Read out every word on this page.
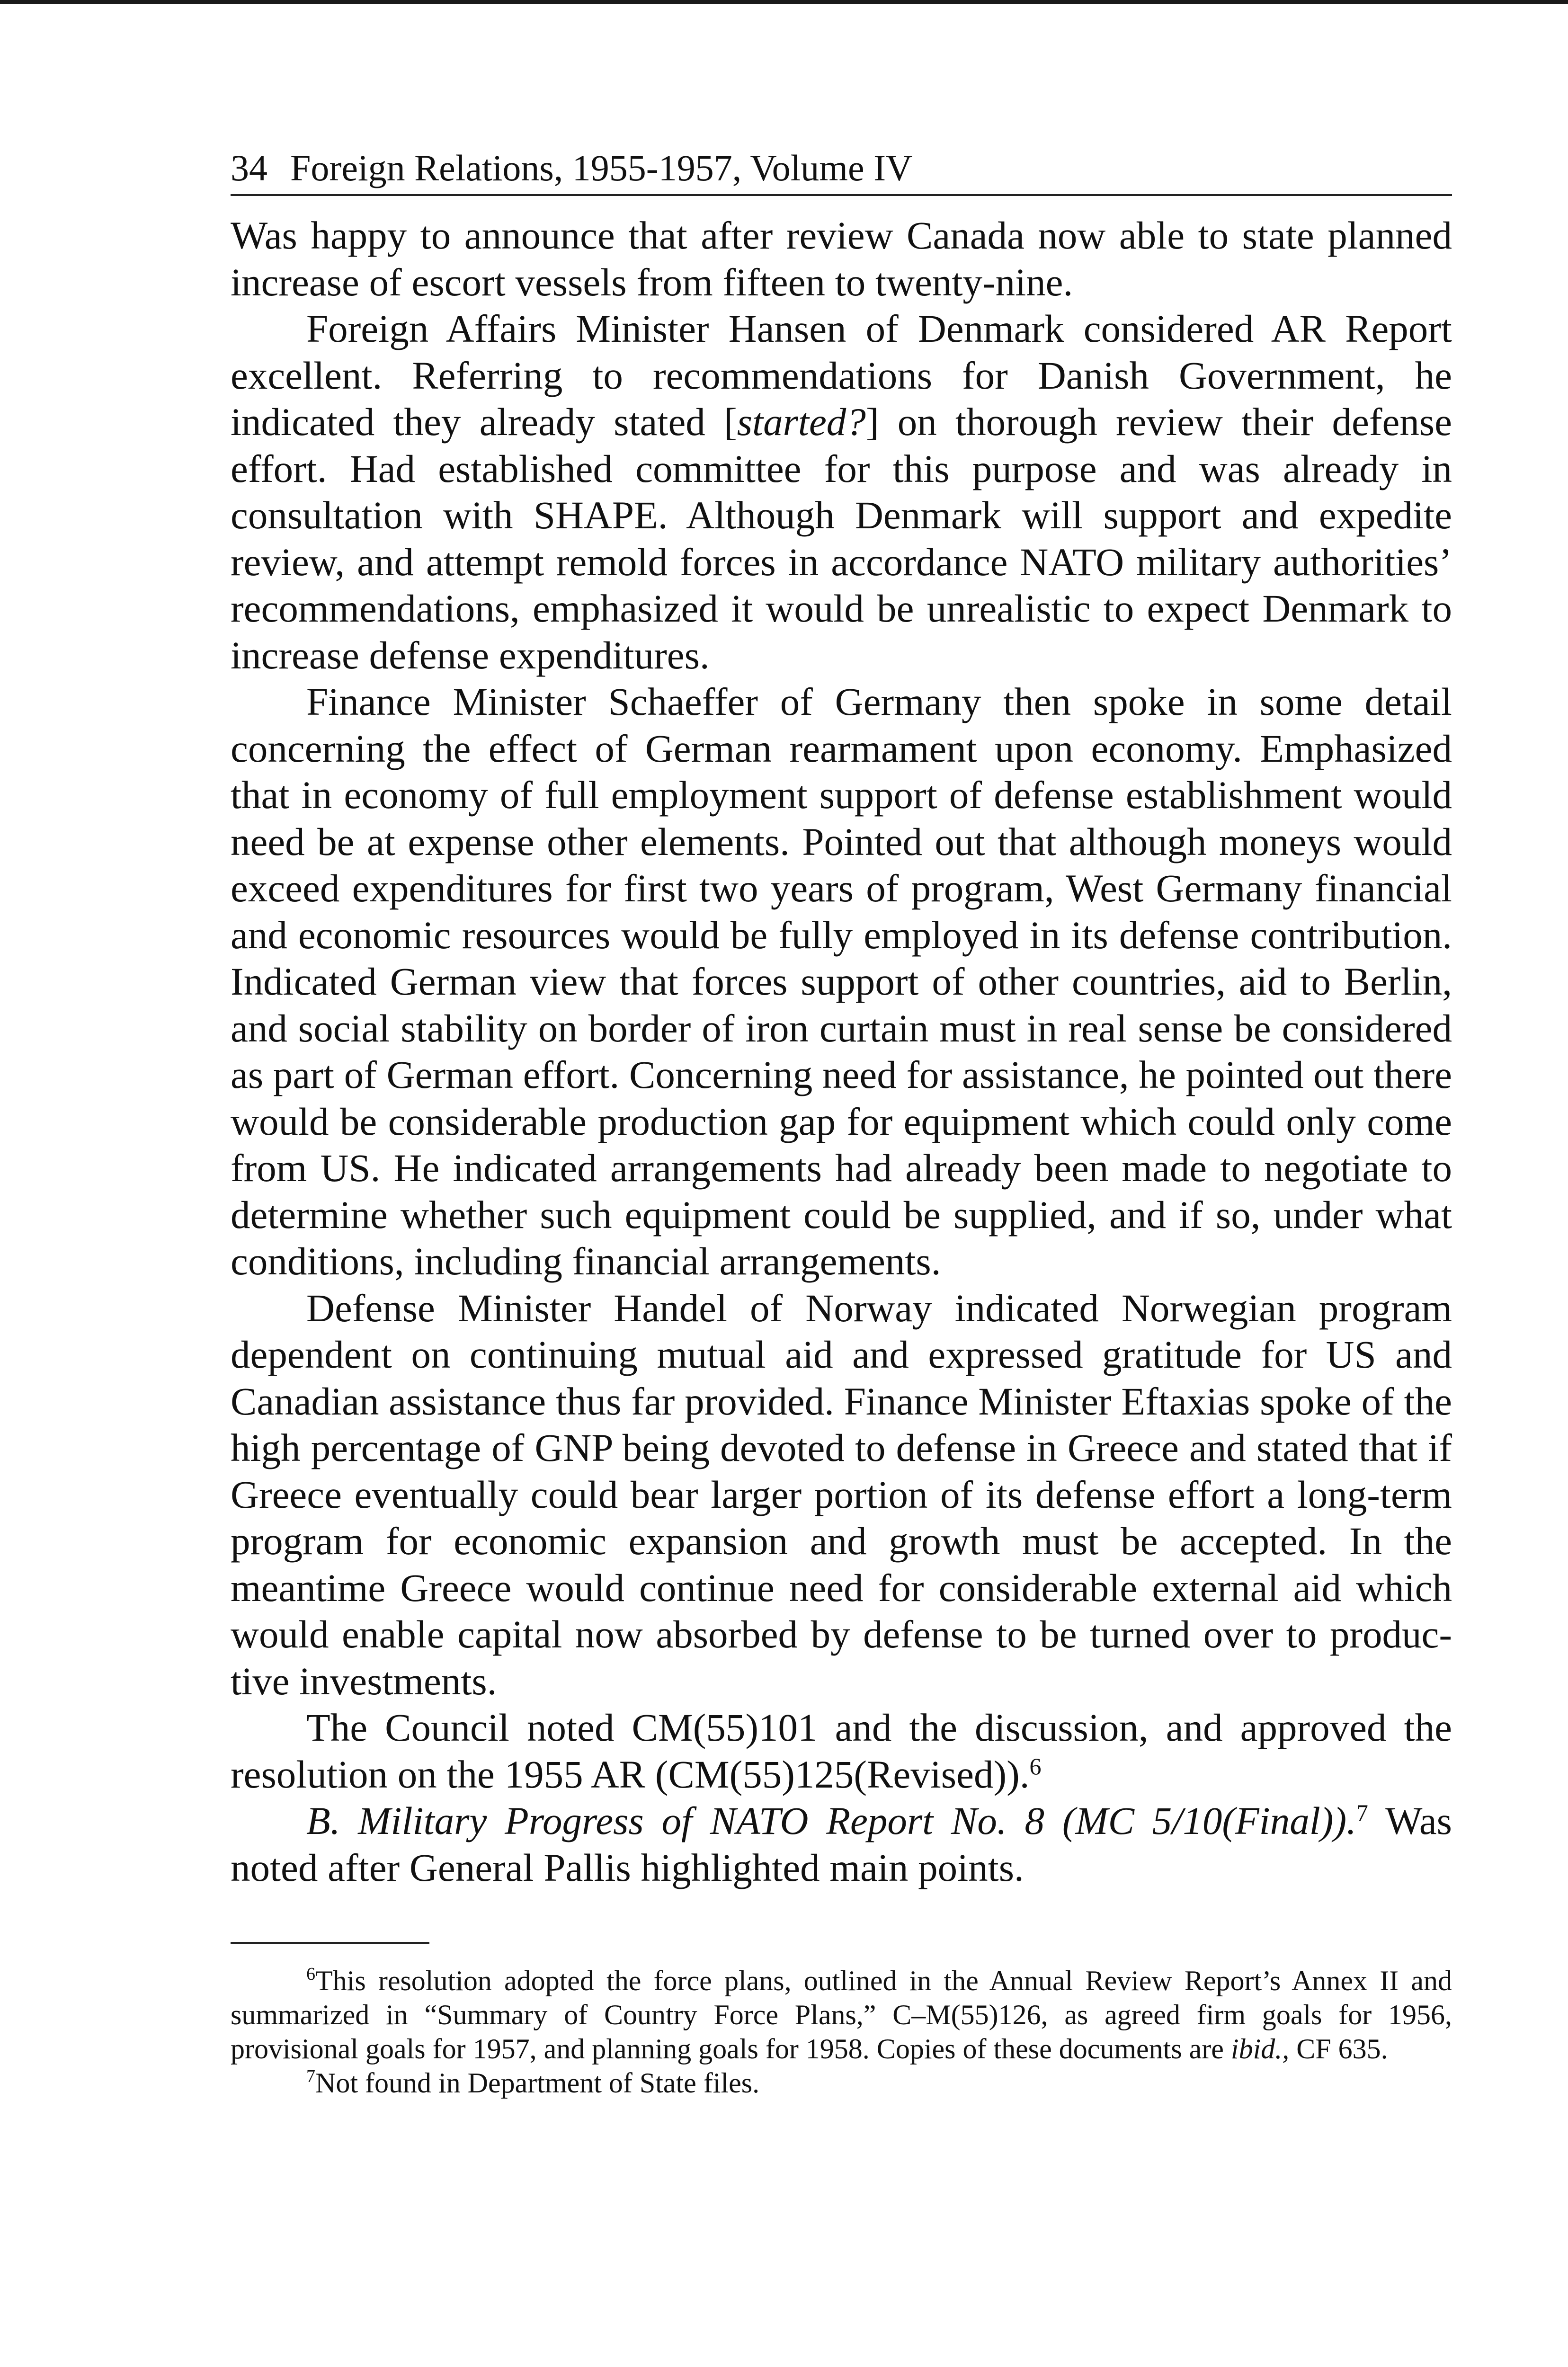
34 Foreign Relations, 1955-1957, Volume IV

Was happy to announce that after review Canada now able to state planned increase of escort vessels from fifteen to twenty-nine.

Foreign Affairs Minister Hansen of Denmark considered AR Report excellent. Referring to recommendations for Danish Government, he indicated they already stated [started?] on thorough review their defense effort. Had established committee for this purpose and was already in consultation with SHAPE. Although Denmark will support and expedite review, and attempt remold forces in accordance NATO military authorities’ recommendations, emphasized it would be unrealistic to expect Denmark to increase defense expenditures.

Finance Minister Schaeffer of Germany then spoke in some detail concerning the effect of German rearmament upon economy. Emphasized that in economy of full employment support of defense establishment would need be at expense other elements. Pointed out that although moneys would exceed expenditures for first two years of program, West Germany financial and economic resources would be fully employed in its defense contribution. Indicated German view that forces support of other countries, aid to Berlin, and social stability on border of iron curtain must in real sense be considered as part of German effort. Concerning need for assistance, he pointed out there would be considerable production gap for equipment which could only come from US. He indicated arrangements had already been made to negotiate to determine whether such equipment could be supplied, and if so, under what conditions, including financial arrangements.

Defense Minister Handel of Norway indicated Norwegian program dependent on continuing mutual aid and expressed gratitude for US and Canadian assistance thus far provided. Finance Minister Eftaxias spoke of the high percentage of GNP being devoted to defense in Greece and stated that if Greece eventually could bear larger portion of its defense effort a long-term program for economic expansion and growth must be accepted. In the meantime Greece would continue need for considerable external aid which would enable capital now absorbed by defense to be turned over to productive investments.

The Council noted CM(55)101 and the discussion, and approved the resolution on the 1955 AR (CM(55)125(Revised)).$^6$

B. Military Progress of NATO Report No. 8 (MC 5/10(Final)).$^7$ Was noted after General Pallis highlighted main points.

$^6$This resolution adopted the force plans, outlined in the Annual Review Report’s Annex II and summarized in “Summary of Country Force Plans,” C–M(55)126, as agreed firm goals for 1956, provisional goals for 1957, and planning goals for 1958. Copies of these documents are ibid., CF 635.

$^7$Not found in Department of State files.
